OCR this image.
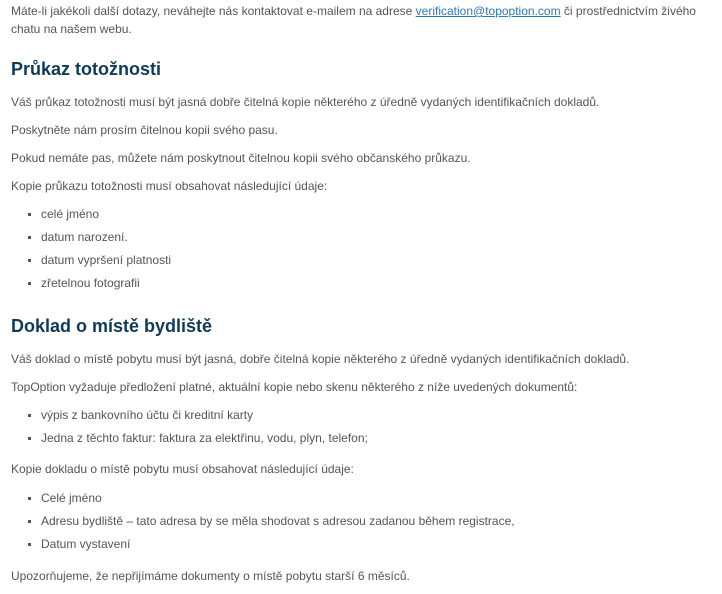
Máte-li jakékoli další dotazy, neváhejte nás kontaktovat e-mailem na adrese verification@topoption.com či prostřednictvím živého chatu na našem webu.

Průkaz totožnosti

Váš průkaz totožnosti musí být jasná dobře čitelná kopie některého z úředně vydaných identifikačních dokladů.

Poskytněte nám prosím čitelnou kopii svého pasu.

Pokud nemáte pas, můžete nám poskytnout čitelnou kopii svého občanského průkazu.

Kopie průkazu totožnosti musí obsahovat následující údaje:

celé jméno
datum narození.
datum vypršení platnosti
zřetelnou fotografii
Doklad o místě bydliště

Váš doklad o místě pobytu musí být jasná, dobře čitelná kopie některého z úředně vydaných identifikačních dokladů.

TopOption vyžaduje předložení platné, aktuální kopie nebo skenu některého z níže uvedených dokumentů:

výpis z bankovního účtu či kreditní karty
Jedna z těchto faktur: faktura za elektřinu, vodu, plyn, telefon;

Kopie dokladu o místě pobytu musí obsahovat následující údaje:

Celé jméno
Adresu bydliště – tato adresa by se měla shodovat s adresou zadanou během registrace,
Datum vystavení

Upozorňujeme, že nepřijímáme dokumenty o místě pobytu starší 6 měsíců.
